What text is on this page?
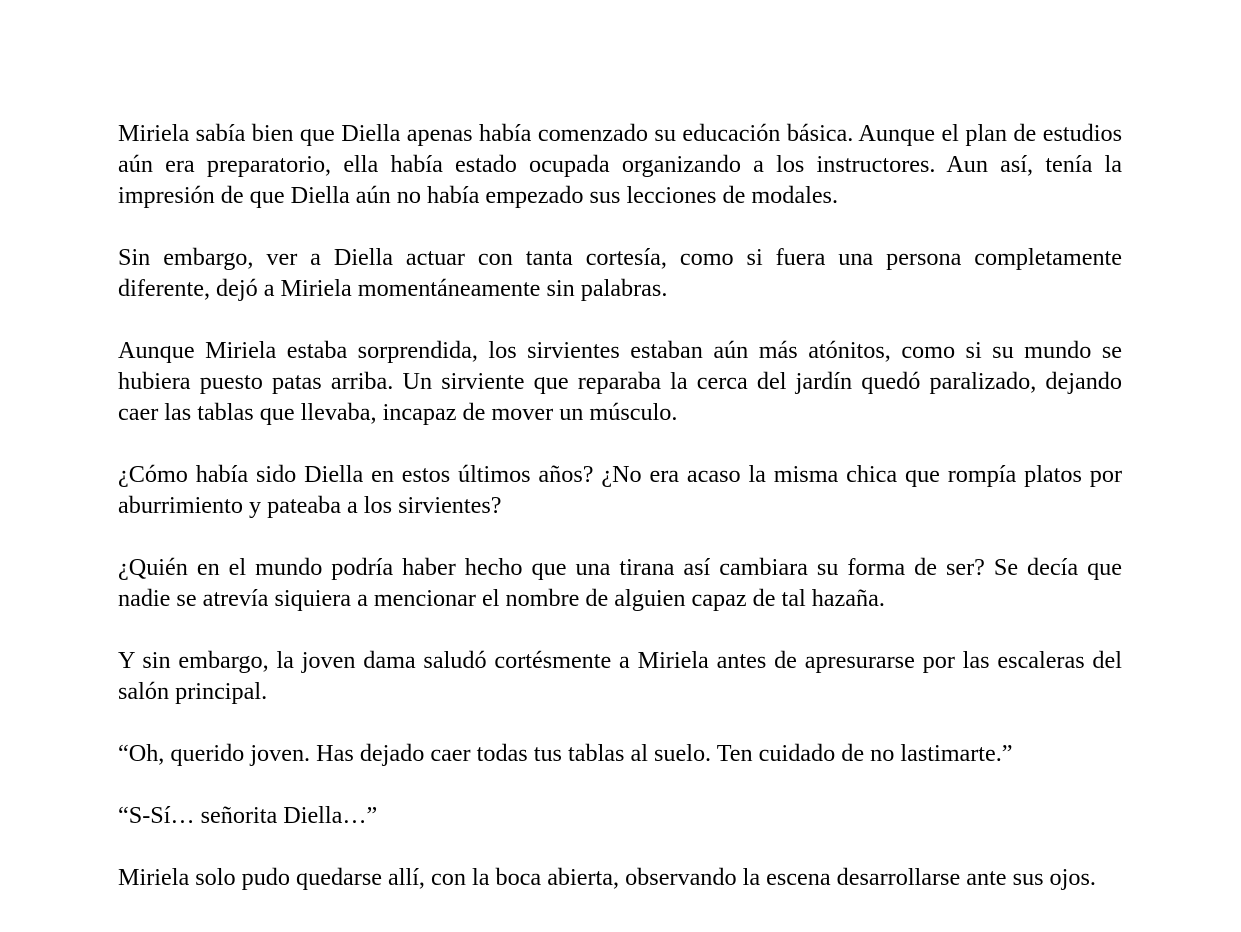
Miriela sabía bien que Diella apenas había comenzado su educación básica. Aunque el plan de estudios aún era preparatorio, ella había estado ocupada organizando a los instructores. Aun así, tenía la impresión de que Diella aún no había empezado sus lecciones de modales.

Sin embargo, ver a Diella actuar con tanta cortesía, como si fuera una persona completamente diferente, dejó a Miriela momentáneamente sin palabras.

Aunque Miriela estaba sorprendida, los sirvientes estaban aún más atónitos, como si su mundo se hubiera puesto patas arriba. Un sirviente que reparaba la cerca del jardín quedó paralizado, dejando caer las tablas que llevaba, incapaz de mover un músculo.

¿Cómo había sido Diella en estos últimos años? ¿No era acaso la misma chica que rompía platos por aburrimiento y pateaba a los sirvientes?

¿Quién en el mundo podría haber hecho que una tirana así cambiara su forma de ser? Se decía que nadie se atrevía siquiera a mencionar el nombre de alguien capaz de tal hazaña.

Y sin embargo, la joven dama saludó cortésmente a Miriela antes de apresurarse por las escaleras del salón principal.

“Oh, querido joven. Has dejado caer todas tus tablas al suelo. Ten cuidado de no lastimarte.”

“S-Sí… señorita Diella…”

Miriela solo pudo quedarse allí, con la boca abierta, observando la escena desarrollarse ante sus ojos.
